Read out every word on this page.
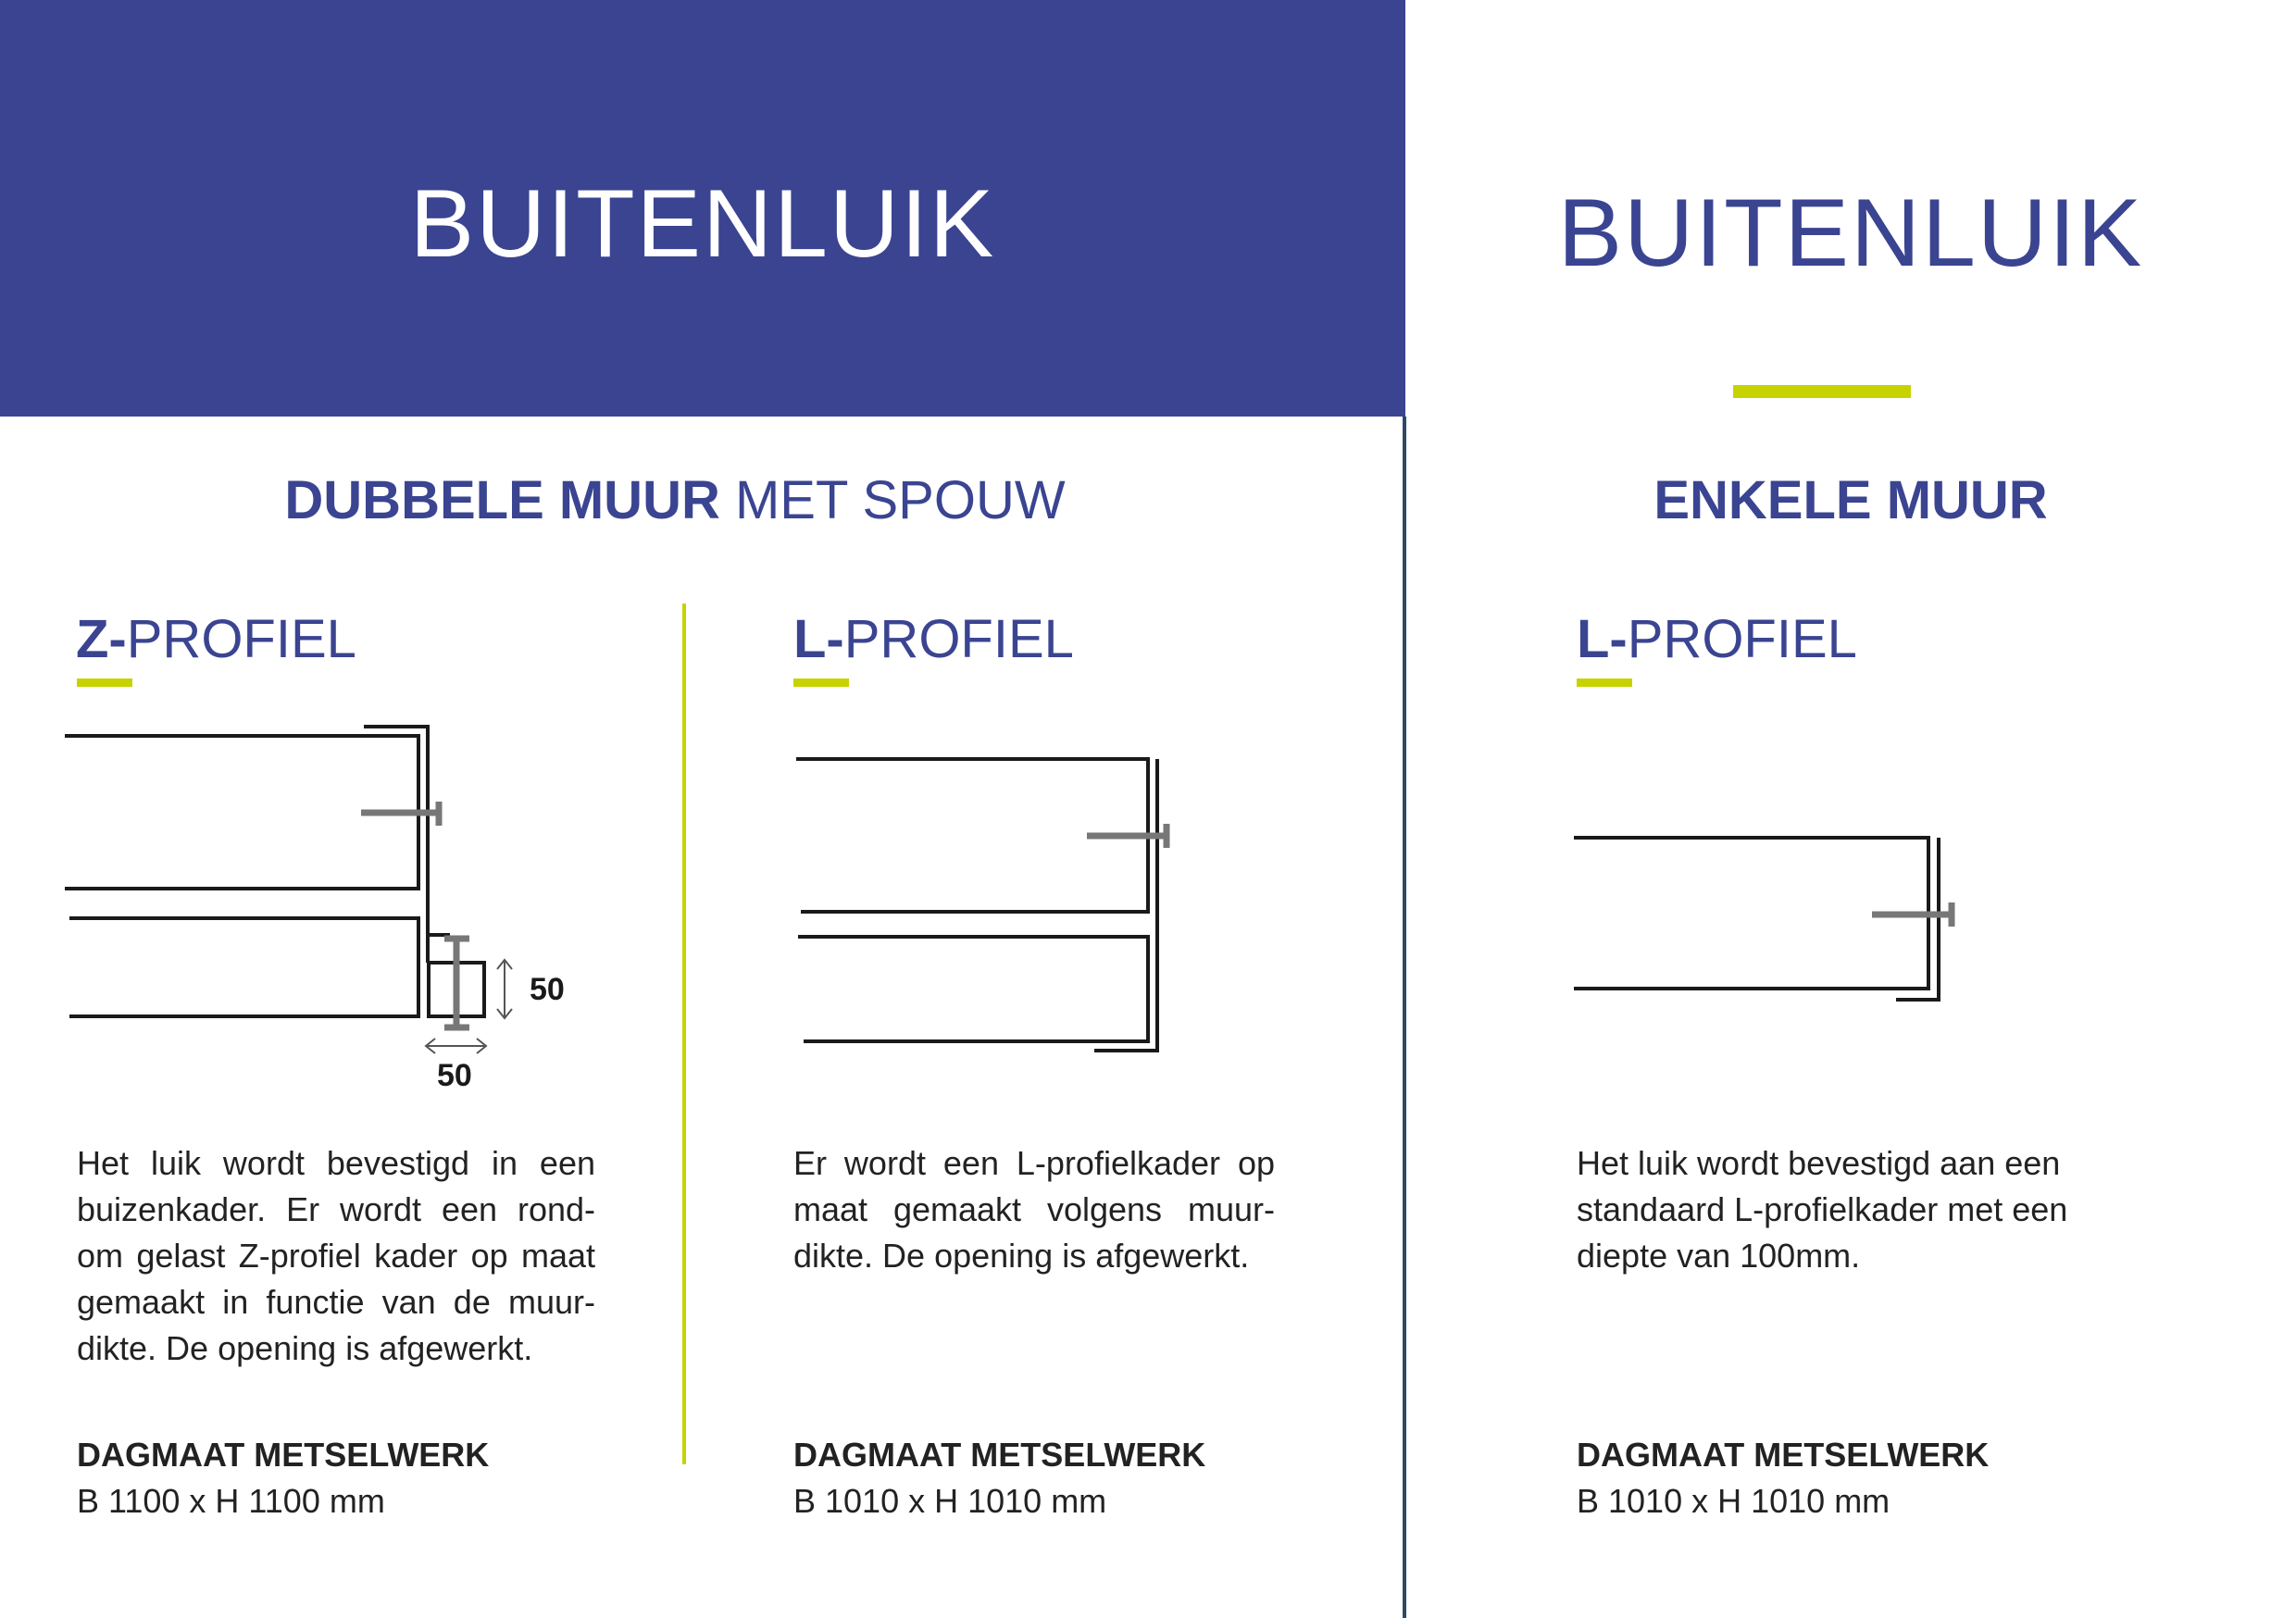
BUITENLUIK	BUITENLUIK
DUBBELE MUUR MET SPOUW	ENKELE MUUR
Z-PROFIEL	L-PROFIEL	L-PROFIEL
50
50
Het luik wordt bevestigd in een buizenkader. Er wordt een rond-om gelast Z-profiel kader op maat gemaakt in functie van de muur-dikte. De opening is afgewerkt.
Er wordt een L-profielkader op maat gemaakt volgens muur-dikte. De opening is afgewerkt.
Het luik wordt bevestigd aan een standaard L-profielkader met een diepte van 100mm.
DAGMAAT METSELWERK
B 1100 x H 1100 mm
DAGMAAT METSELWERK
B 1010 x H 1010 mm
DAGMAAT METSELWERK
B 1010 x H 1010 mm
